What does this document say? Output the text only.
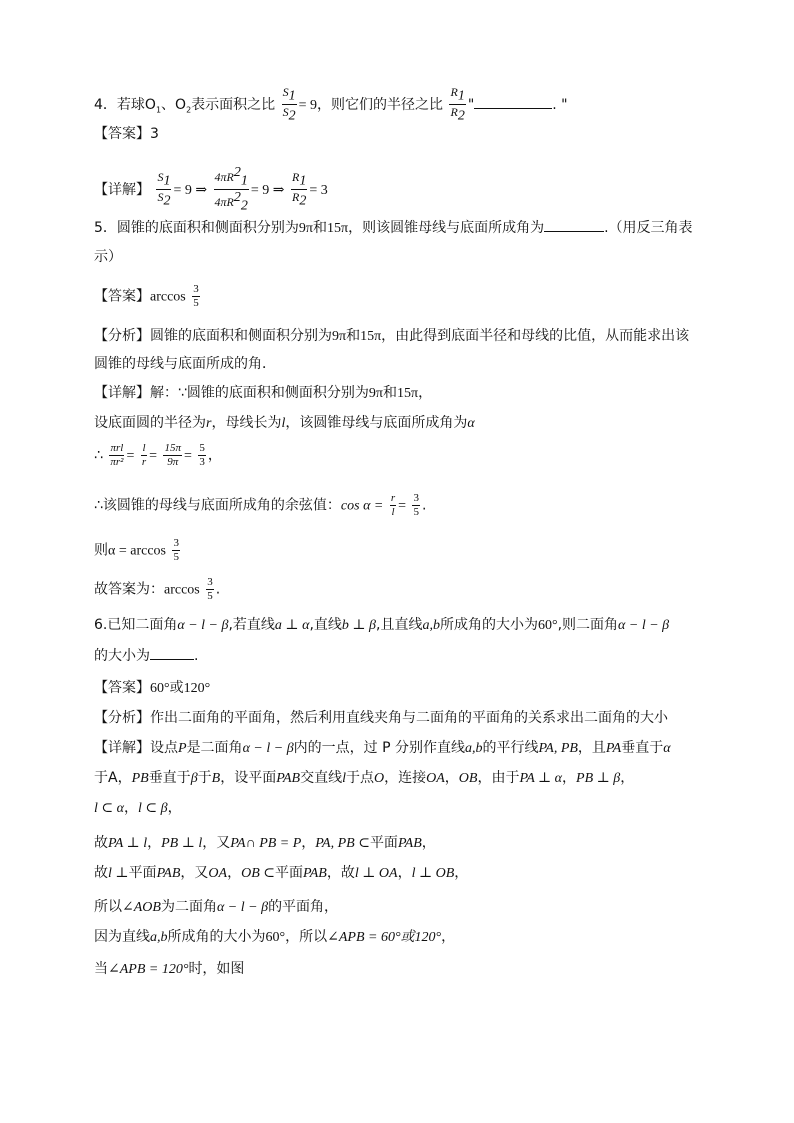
4．若球$O_1$、$O_2$表示面积之比 $\frac{S_1}{S_2} = 9$，则它们的半径之比 $\frac{R_1}{R_2}$ "	. "
【答案】3
【详解】 $\frac{S_1}{S_2} = 9$ ⇒ $\frac{4\pi R^2_1}{4\pi R^2_2} = 9$ ⇒ $\frac{R_1}{R_2} = 3$
5．圆锥的底面积和侧面积分别为9π和15π，则该圆锥母线与底面所成角为	.（用反三角表
示）
【答案】$\arccos \frac{3}{5}$
【分析】圆锥的底面积和侧面积分别为9π和15π，由此得到底面半径和母线的比值，从而能求出该
圆锥的母线与底面所成的角．
【详解】解：∵圆锥的底面积和侧面积分别为9π和15π，
设底面圆的半径为r，母线长为l，该圆锥母线与底面所成角为α
∴ $\frac{\text{πrl}}{\text{πr²}} = \frac{l}{r} = \frac{15\pi}{9\pi} = \frac{5}{3}$ ，
∴该圆锥的母线与底面所成角的余弦值：$\cos \alpha = \frac{r}{l} = \frac{3}{5}$ .
则$\alpha = \arccos \frac{3}{5}$
故答案为：$\arccos \frac{3}{5}$ .
6.已知二面角α − l − β,若直线a ⊥ α,直线b ⊥ β,且直线a,b所成角的大小为60°,则二面角α − l − β
的大小为	.
【答案】60°或120°
【分析】作出二面角的平面角，然后利用直线夹角与二面角的平面角的关系求出二面角的大小
【详解】设点P是二面角α − l − β内的一点，过 P 分别作直线a,b的平行线PA, PB，且PA垂直于α
于A，PB垂直于β于B，设平面PAB交直线l于点O，连接OA，OB，由于PA ⊥ α，PB ⊥ β，
l ⊂ α，l ⊂ β，
故PA ⊥ l，PB ⊥ l，又PA∩ PB = P，PA, PB ⊂平面PAB，
故l ⊥平面PAB，又OA，OB ⊂平面PAB，故l ⊥ OA，l ⊥ OB，
所以∠AOB为二面角α − l − β的平面角，
因为直线a,b所成角的大小为60°，所以∠APB = 60°或120°，
当∠APB = 120°时，如图
